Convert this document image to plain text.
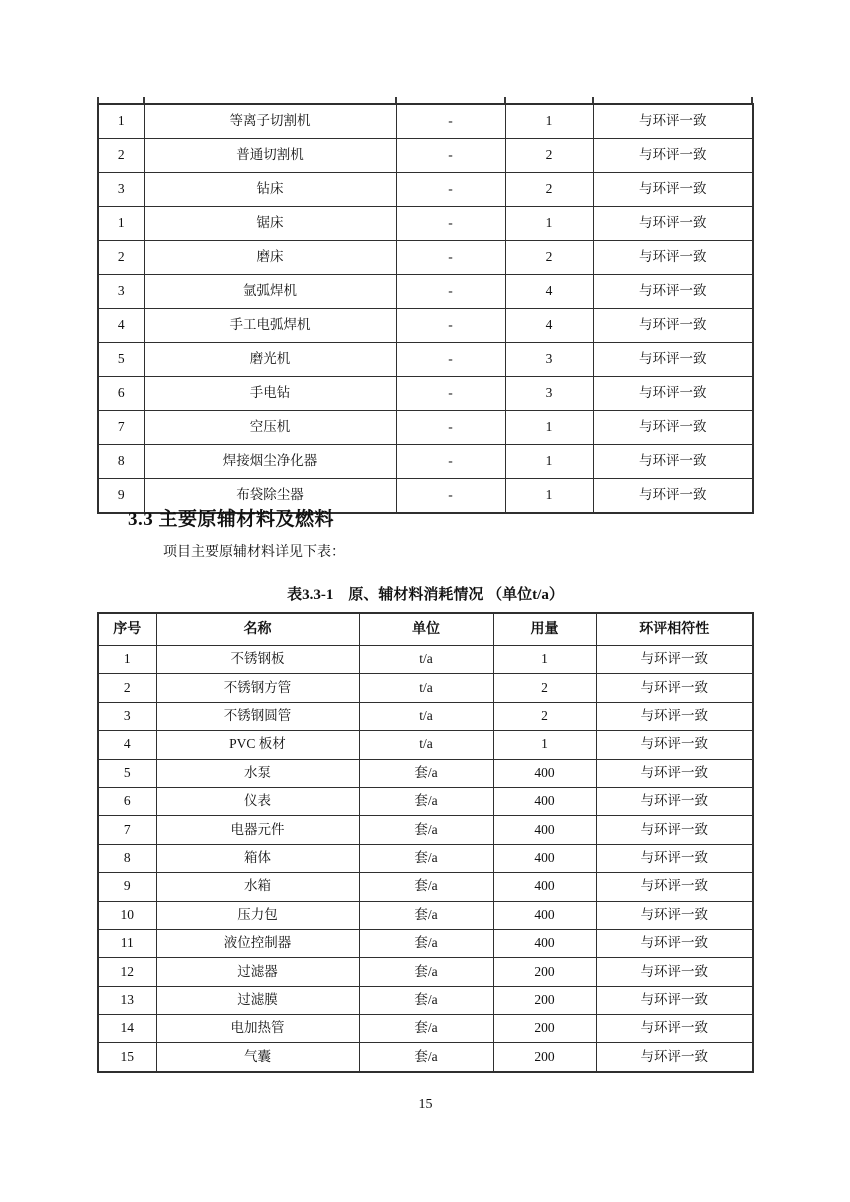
1	等离子切割机	-	1	与环评一致
2	普通切割机	-	2	与环评一致
3	钻床	-	2	与环评一致
1	锯床	-	1	与环评一致
2	磨床	-	2	与环评一致
3	氩弧焊机	-	4	与环评一致
4	手工电弧焊机	-	4	与环评一致
5	磨光机	-	3	与环评一致
6	手电钻	-	3	与环评一致
7	空压机	-	1	与环评一致
8	焊接烟尘净化器	-	1	与环评一致
9	布袋除尘器	-	1	与环评一致
3.3 主要原辅材料及燃料

项目主要原辅材料详见下表：

表3.3-1　原、辅材料消耗情况 （单位t/a）

序号	名称	单位	用量	环评相符性
1	不锈钢板	t/a	1	与环评一致
2	不锈钢方管	t/a	2	与环评一致
3	不锈钢圆管	t/a	2	与环评一致
4	PVC 板材	t/a	1	与环评一致
5	水泵	套/a	400	与环评一致
6	仪表	套/a	400	与环评一致
7	电器元件	套/a	400	与环评一致
8	箱体	套/a	400	与环评一致
9	水箱	套/a	400	与环评一致
10	压力包	套/a	400	与环评一致
11	液位控制器	套/a	400	与环评一致
12	过滤器	套/a	200	与环评一致
13	过滤膜	套/a	200	与环评一致
14	电加热管	套/a	200	与环评一致
15	气囊	套/a	200	与环评一致
15
